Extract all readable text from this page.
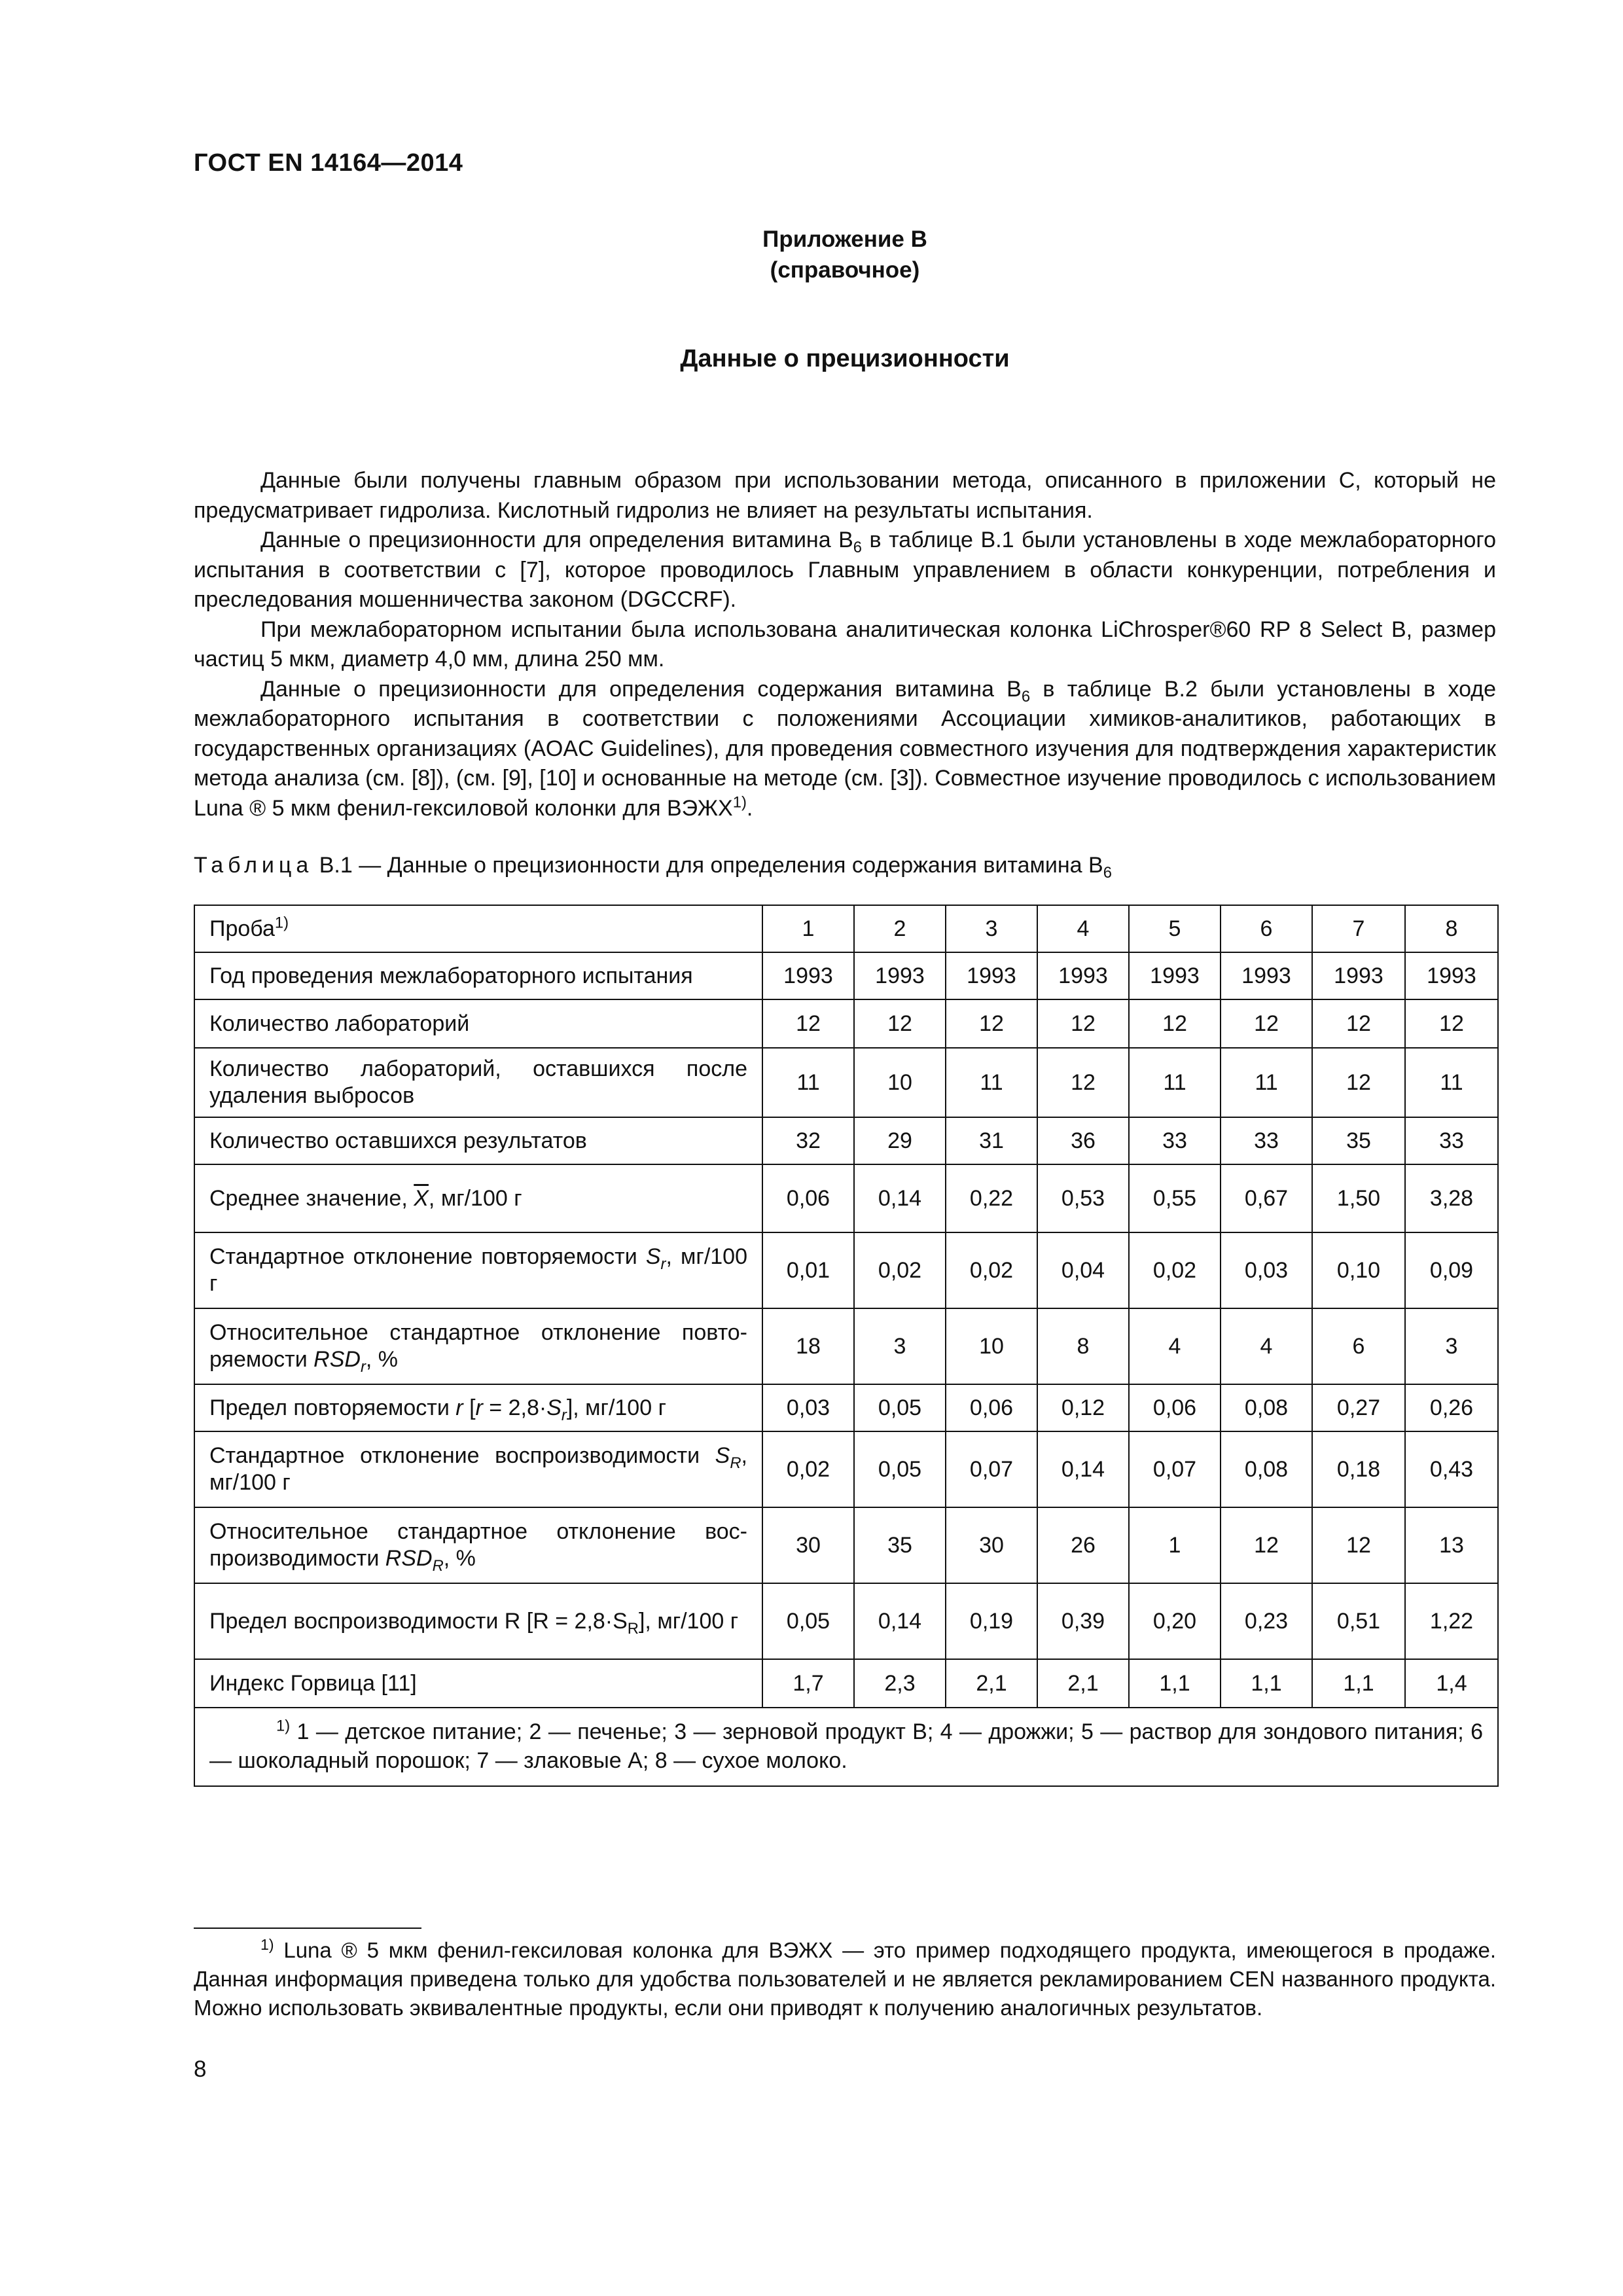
ГОСТ EN 14164—2014
Приложение В
(справочное)
Данные о прецизионности

Данные были получены главным образом при использовании метода, описанного в приложении С, который не предусматривает гидролиза. Кислотный гидролиз не влияет на результаты испытания.

Данные о прецизионности для определения витамина $В_6$ в таблице В.1 были установлены в ходе межлабораторного испытания в соответствии с [7], которое проводилось Главным управлением в области конкуренции, потребления и преследования мошенничества законом (DGCCRF).

При межлабораторном испытании была использована аналитическая колонка LiChrosper®60 RP 8 Select B, размер частиц 5 мкм, диаметр 4,0 мм, длина 250 мм.

Данные о прецизионности для определения содержания витамина $В_6$ в таблице В.2 были установлены в ходе межлабораторного испытания в соответствии с положениями Ассоциации химиков-аналитиков, работающих в государственных организациях (AOAC Guidelines), для проведения совместного изучения для подтверждения характеристик метода анализа (см. [8]), (см. [9], [10] и основанные на методе (см. [3]). Совместное изучение проводилось с использованием Luna ® 5 мкм фенил-гексиловой колонки для ВЭЖХ$^{1)}$.

Таблица В.1 — Данные о прецизионности для определения содержания витамина $В_6$
Проба$^{1)}$	1	2	3	4	5	6	7	8
Год проведения межлабораторного испытания	1993	1993	1993	1993	1993	1993	1993	1993
Количество лабораторий	12	12	12	12	12	12	12	12
Количество лабораторий, оставшихся после удаления выбросов	11	10	11	12	11	11	12	11
Количество оставшихся результатов	32	29	31	36	33	33	35	33
Среднее значение, $\overline{X}$, мг/100 г	0,06	0,14	0,22	0,53	0,55	0,67	1,50	3,28
Стандартное отклонение повторяемости $S_r$, мг/100 г	0,01	0,02	0,02	0,04	0,02	0,03	0,10	0,09
Относительное стандартное отклонение повторяемости $RSD_r$, %	18	3	10	8	4	4	6	3
Предел повторяемости r $[r = 2,8\cdot S_r]$, мг/100 г	0,03	0,05	0,06	0,12	0,06	0,08	0,27	0,26
Стандартное отклонение воспроизводимости $S_R$, мг/100 г	0,02	0,05	0,07	0,14	0,07	0,08	0,18	0,43
Относительное стандартное отклонение воспроизводимости $RSD_R$, %	30	35	30	26	1	12	12	13
Предел воспроизводимости R $[R = 2,8\cdot S_R]$, мг/100 г	0,05	0,14	0,19	0,39	0,20	0,23	0,51	1,22
Индекс Горвица [11]	1,7	2,3	2,1	2,1	1,1	1,1	1,1	1,4
$^{1)}$ 1 — детское питание; 2 — печенье; 3 — зерновой продукт В; 4 — дрожжи; 5 — раствор для зондового питания; 6 — шоколадный порошок; 7 — злаковые А; 8 — сухое молоко.								

$^{1)}$ Luna ® 5 мкм фенил-гексиловая колонка для ВЭЖХ — это пример подходящего продукта, имеющегося в продаже. Данная информация приведена только для удобства пользователей и не является рекламированием CEN названного продукта. Можно использовать эквивалентные продукты, если они приводят к получению аналогичных результатов.

8
